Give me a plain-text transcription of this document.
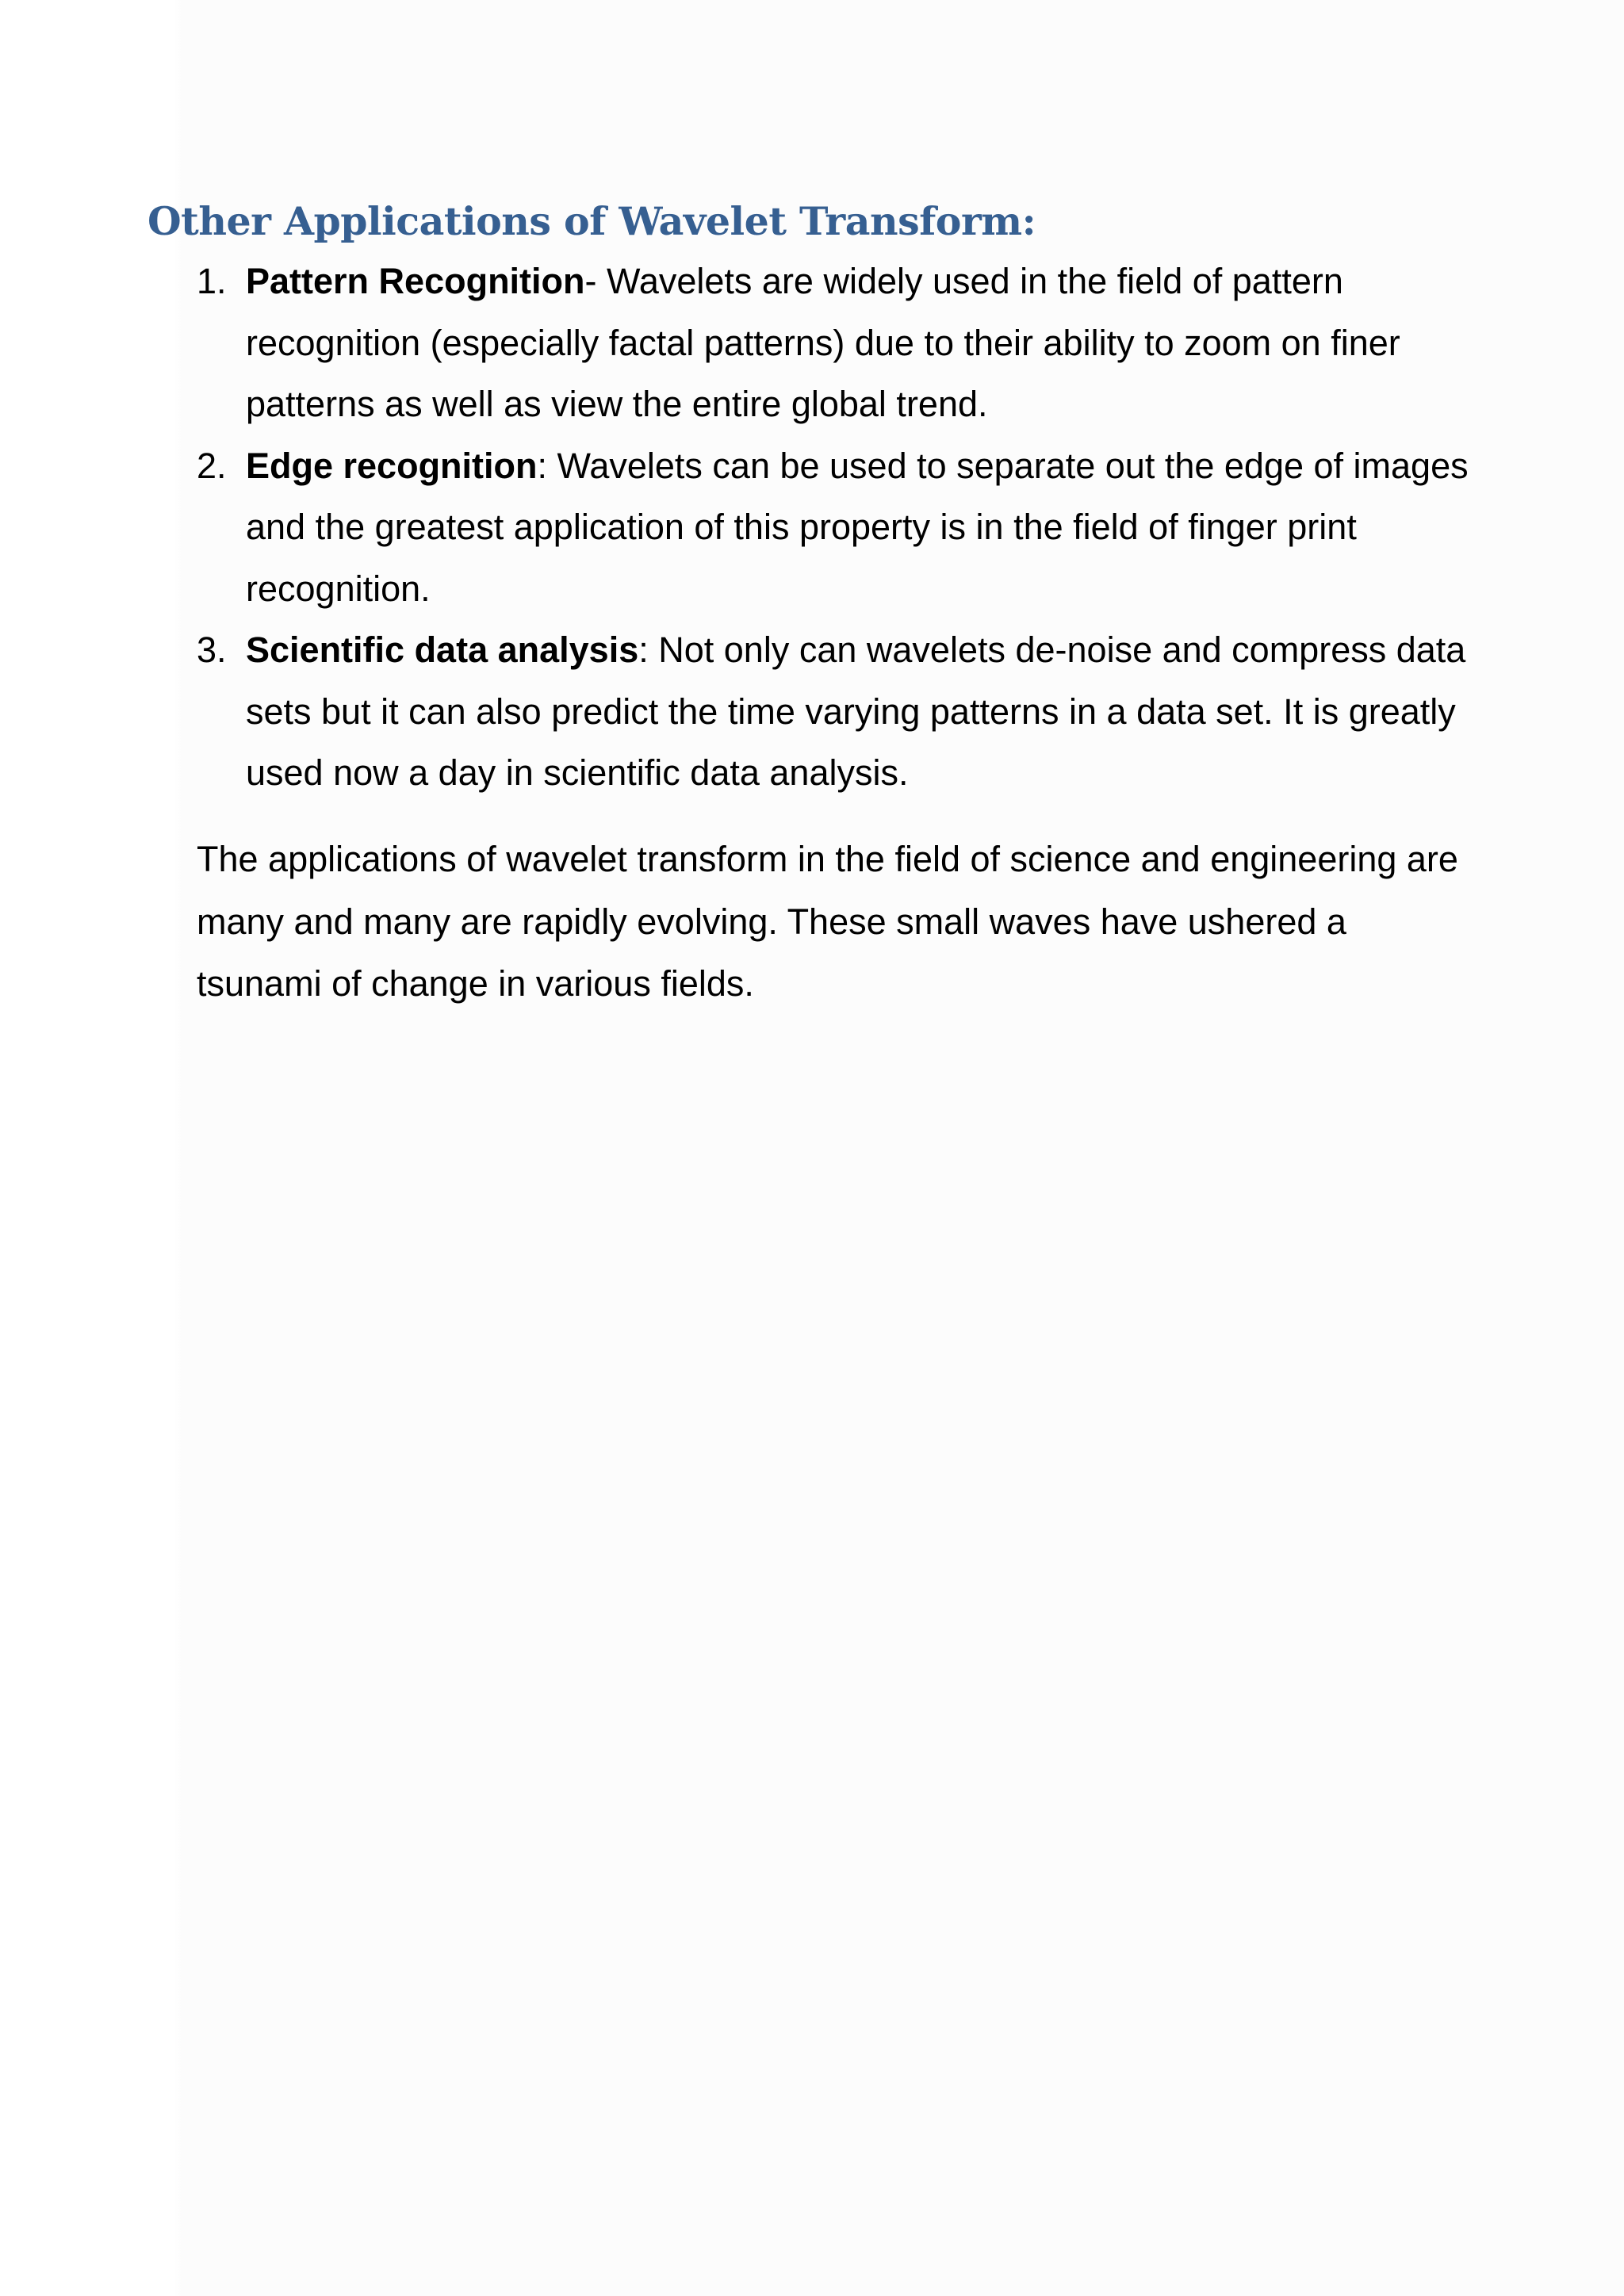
Other Applications of Wavelet Transform:
1. Pattern Recognition- Wavelets are widely used in the field of pattern recognition (especially factal patterns) due to their ability to zoom on finer patterns as well as view the entire global trend.
2. Edge recognition: Wavelets can be used to separate out the edge of images and the greatest application of this property is in the field of finger print recognition.
3. Scientific data analysis: Not only can wavelets de-noise and compress data sets but it can also predict the time varying patterns in a data set. It is greatly used now a day in scientific data analysis.

The applications of wavelet transform in the field of science and engineering are many and many are rapidly evolving. These small waves have ushered a tsunami of change in various fields.
